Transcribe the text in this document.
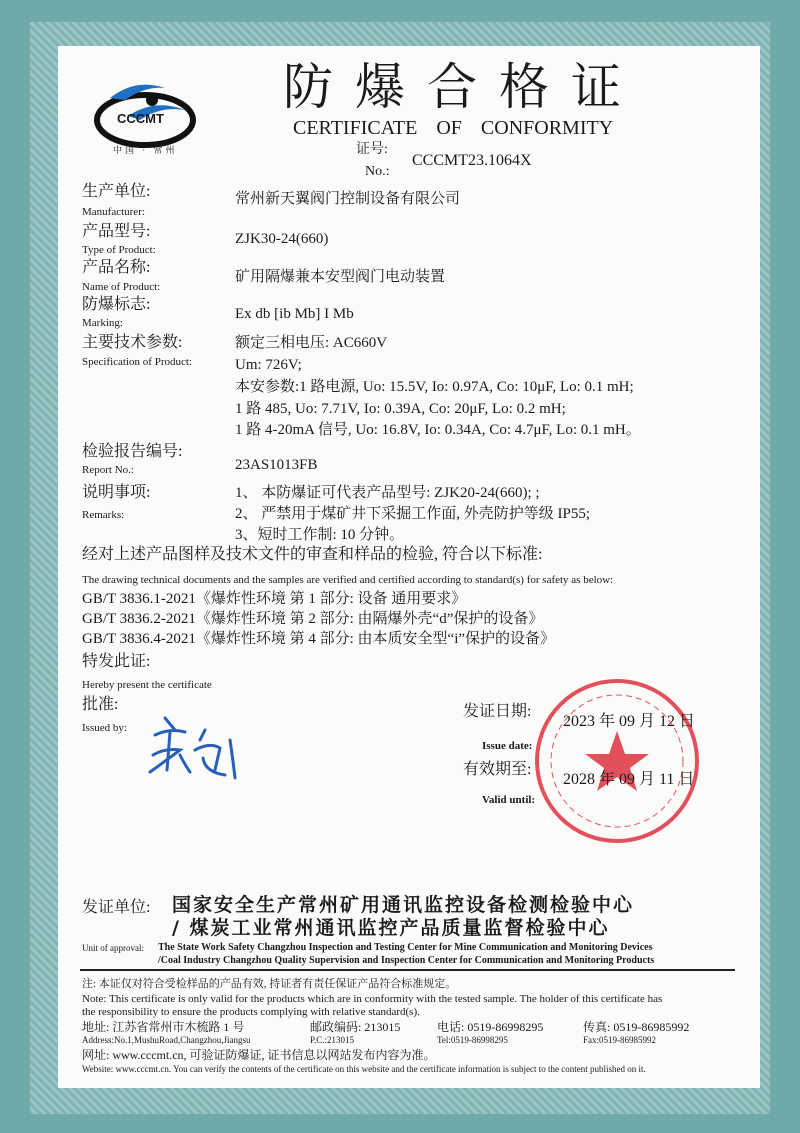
CCCMT
中国 · 常州
防爆合格证
CERTIFICATE OF CONFORMITY
证号:
No.:
CCCMT23.1064X
生产单位:
Manufacturer:
常州新天翼阀门控制设备有限公司
产品型号:
Type of Product:
ZJK30-24(660)
产品名称:
Name of Product:
矿用隔爆兼本安型阀门电动装置
防爆标志:
Marking:
Ex db [ib Mb] I Mb
主要技术参数:
Specification of Product:
额定三相电压: AC660V
Um: 726V;
本安参数:1 路电源, Uo: 15.5V, Io: 0.97A, Co: 10μF, Lo: 0.1 mH;
1 路 485, Uo: 7.71V, Io: 0.39A, Co: 20μF, Lo: 0.2 mH;
1 路 4-20mA 信号, Uo: 16.8V, Io: 0.34A, Co: 4.7μF, Lo: 0.1 mH。
检验报告编号:
Report No.:	23AS1013FB
说明事项:
Remarks:
1、 本防爆证可代表产品型号: ZJK20-24(660); ;
2、 严禁用于煤矿井下采掘工作面, 外壳防护等级 IP55;
3、短时工作制: 10 分钟。
经对上述产品图样及技术文件的审查和样品的检验, 符合以下标准:
The drawing technical documents and the samples are verified and certified according to standard(s) for safety as below:
GB/T 3836.1-2021《爆炸性环境 第 1 部分: 设备 通用要求》
GB/T 3836.2-2021《爆炸性环境 第 2 部分: 由隔爆外壳“d”保护的设备》
GB/T 3836.4-2021《爆炸性环境 第 4 部分: 由本质安全型“i”保护的设备》
特发此证:
Hereby present the certificate
批准:
Issued by:
发证日期:
2023 年 09 月 12 日
Issue date:
有效期至:
2028 年 09 月 11 日
Valid until:
发证单位: 国家安全生产常州矿用通讯监控设备检测检验中心
/ 煤炭工业常州通讯监控产品质量监督检验中心
Unit of approval: The State Work Safety Changzhou Inspection and Testing Center for Mine Communication and Monitoring Devices
/Coal Industry Changzhou Quality Supervision and Inspection Center for Communication and Monitoring Products
注: 本证仅对符合受检样品的产品有效, 持证者有责任保证产品符合标准规定。
Note: This certificate is only valid for the products which are in conformity with the tested sample. The holder of this certificate has
the responsibility to ensure the products complying with relative standard(s).
地址: 江苏省常州市木梳路 1 号	邮政编码: 213015	电话: 0519-86998295	传真: 0519-86985992
Address:No.1,MushuRoad,Changzhou,Jiangsu	P.C.:213015	Tel:0519-86998295	Fax:0519-86985992
网址: www.cccmt.cn, 可验证防爆证, 证书信息以网站发布内容为准。
Website: www.cccmt.cn. You can verify the contents of the certificate on this website and the certificate information is subject to the content published on it.
